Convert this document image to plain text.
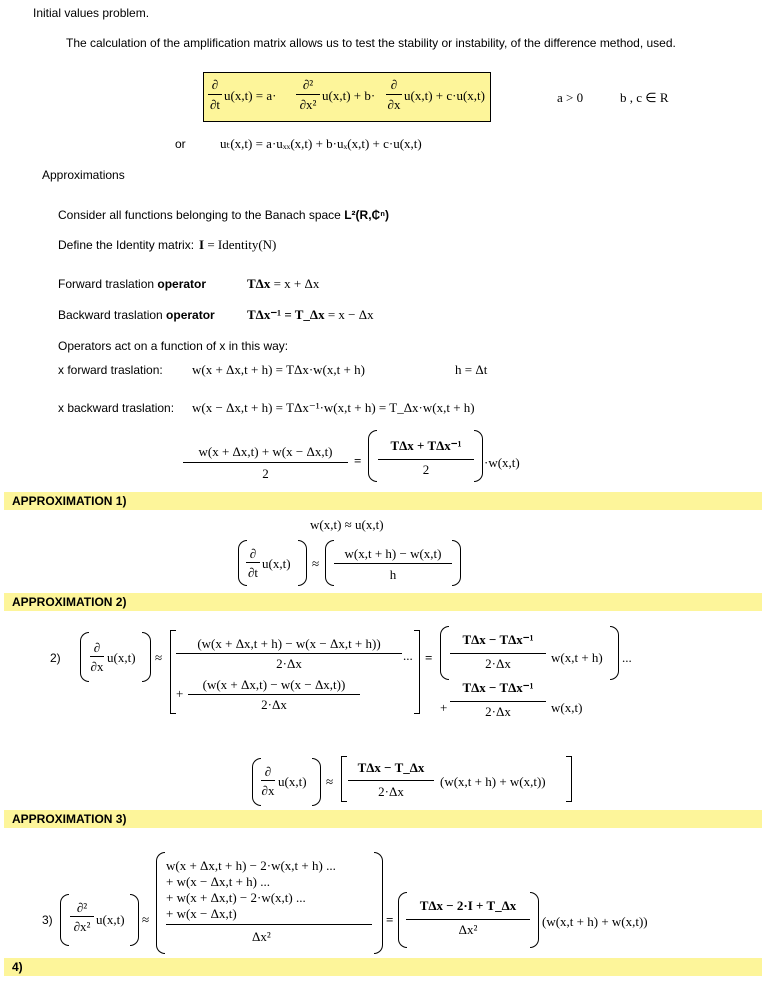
Initial values problem.
The calculation of the amplification matrix allows us to test the stability or instability, of the difference method, used.
∂
∂t
u(x,t) = a·
∂²
∂x²
u(x,t) + b·
∂
∂x
u(x,t) + c·u(x,t)	a > 0	b , c ∈ R
or	uₜ(x,t) = a·uₓₓ(x,t) + b·uₓ(x,t) + c·u(x,t)
Approximations
Consider all functions belonging to the Banach space L²(R,₵ⁿ)
Define the Identity matrix: I = Identity(N)
Forward traslation operator	TΔx = x + Δx
Backward traslation operator TΔx⁻¹ = T_Δx = x − Δx
Operators act on a function of x in this way:
x forward traslation: w(x + Δx,t + h) = TΔx·w(x,t + h)	h = Δt
x backward traslation: w(x − Δx,t + h) = TΔx⁻¹·w(x,t + h) = T_Δx·w(x,t + h)
w(x + Δx,t) + w(x − Δx,t)
2
=
TΔx + TΔx⁻¹
2	·w(x,t)
APPROXIMATION 1)
w(x,t) ≈ u(x,t)
∂
∂t
u(x,t) ≈
w(x,t + h) − w(x,t)
h
APPROXIMATION 2)
2)
∂
∂x
u(x,t) ≈
(w(x + Δx,t + h) − w(x − Δx,t + h))
2·Δx
...
+
(w(x + Δx,t) − w(x − Δx,t))
2·Δx
=
TΔx − TΔx⁻¹
2·Δx	w(x,t + h) ...
+
TΔx − TΔx⁻¹
2·Δx	w(x,t)
∂
∂x
u(x,t) ≈
TΔx − T_Δx
2·Δx
(w(x,t + h) + w(x,t))
APPROXIMATION 3)
3)
∂²
∂x² u(x,t) ≈
w(x + Δx,t + h) − 2·w(x,t + h) ...
+ w(x − Δx,t + h) ...
+ w(x + Δx,t) − 2·w(x,t) ...
+ w(x − Δx,t)
Δx²
=
TΔx − 2·I + T_Δx
Δx²
(w(x,t + h) + w(x,t))
4)
